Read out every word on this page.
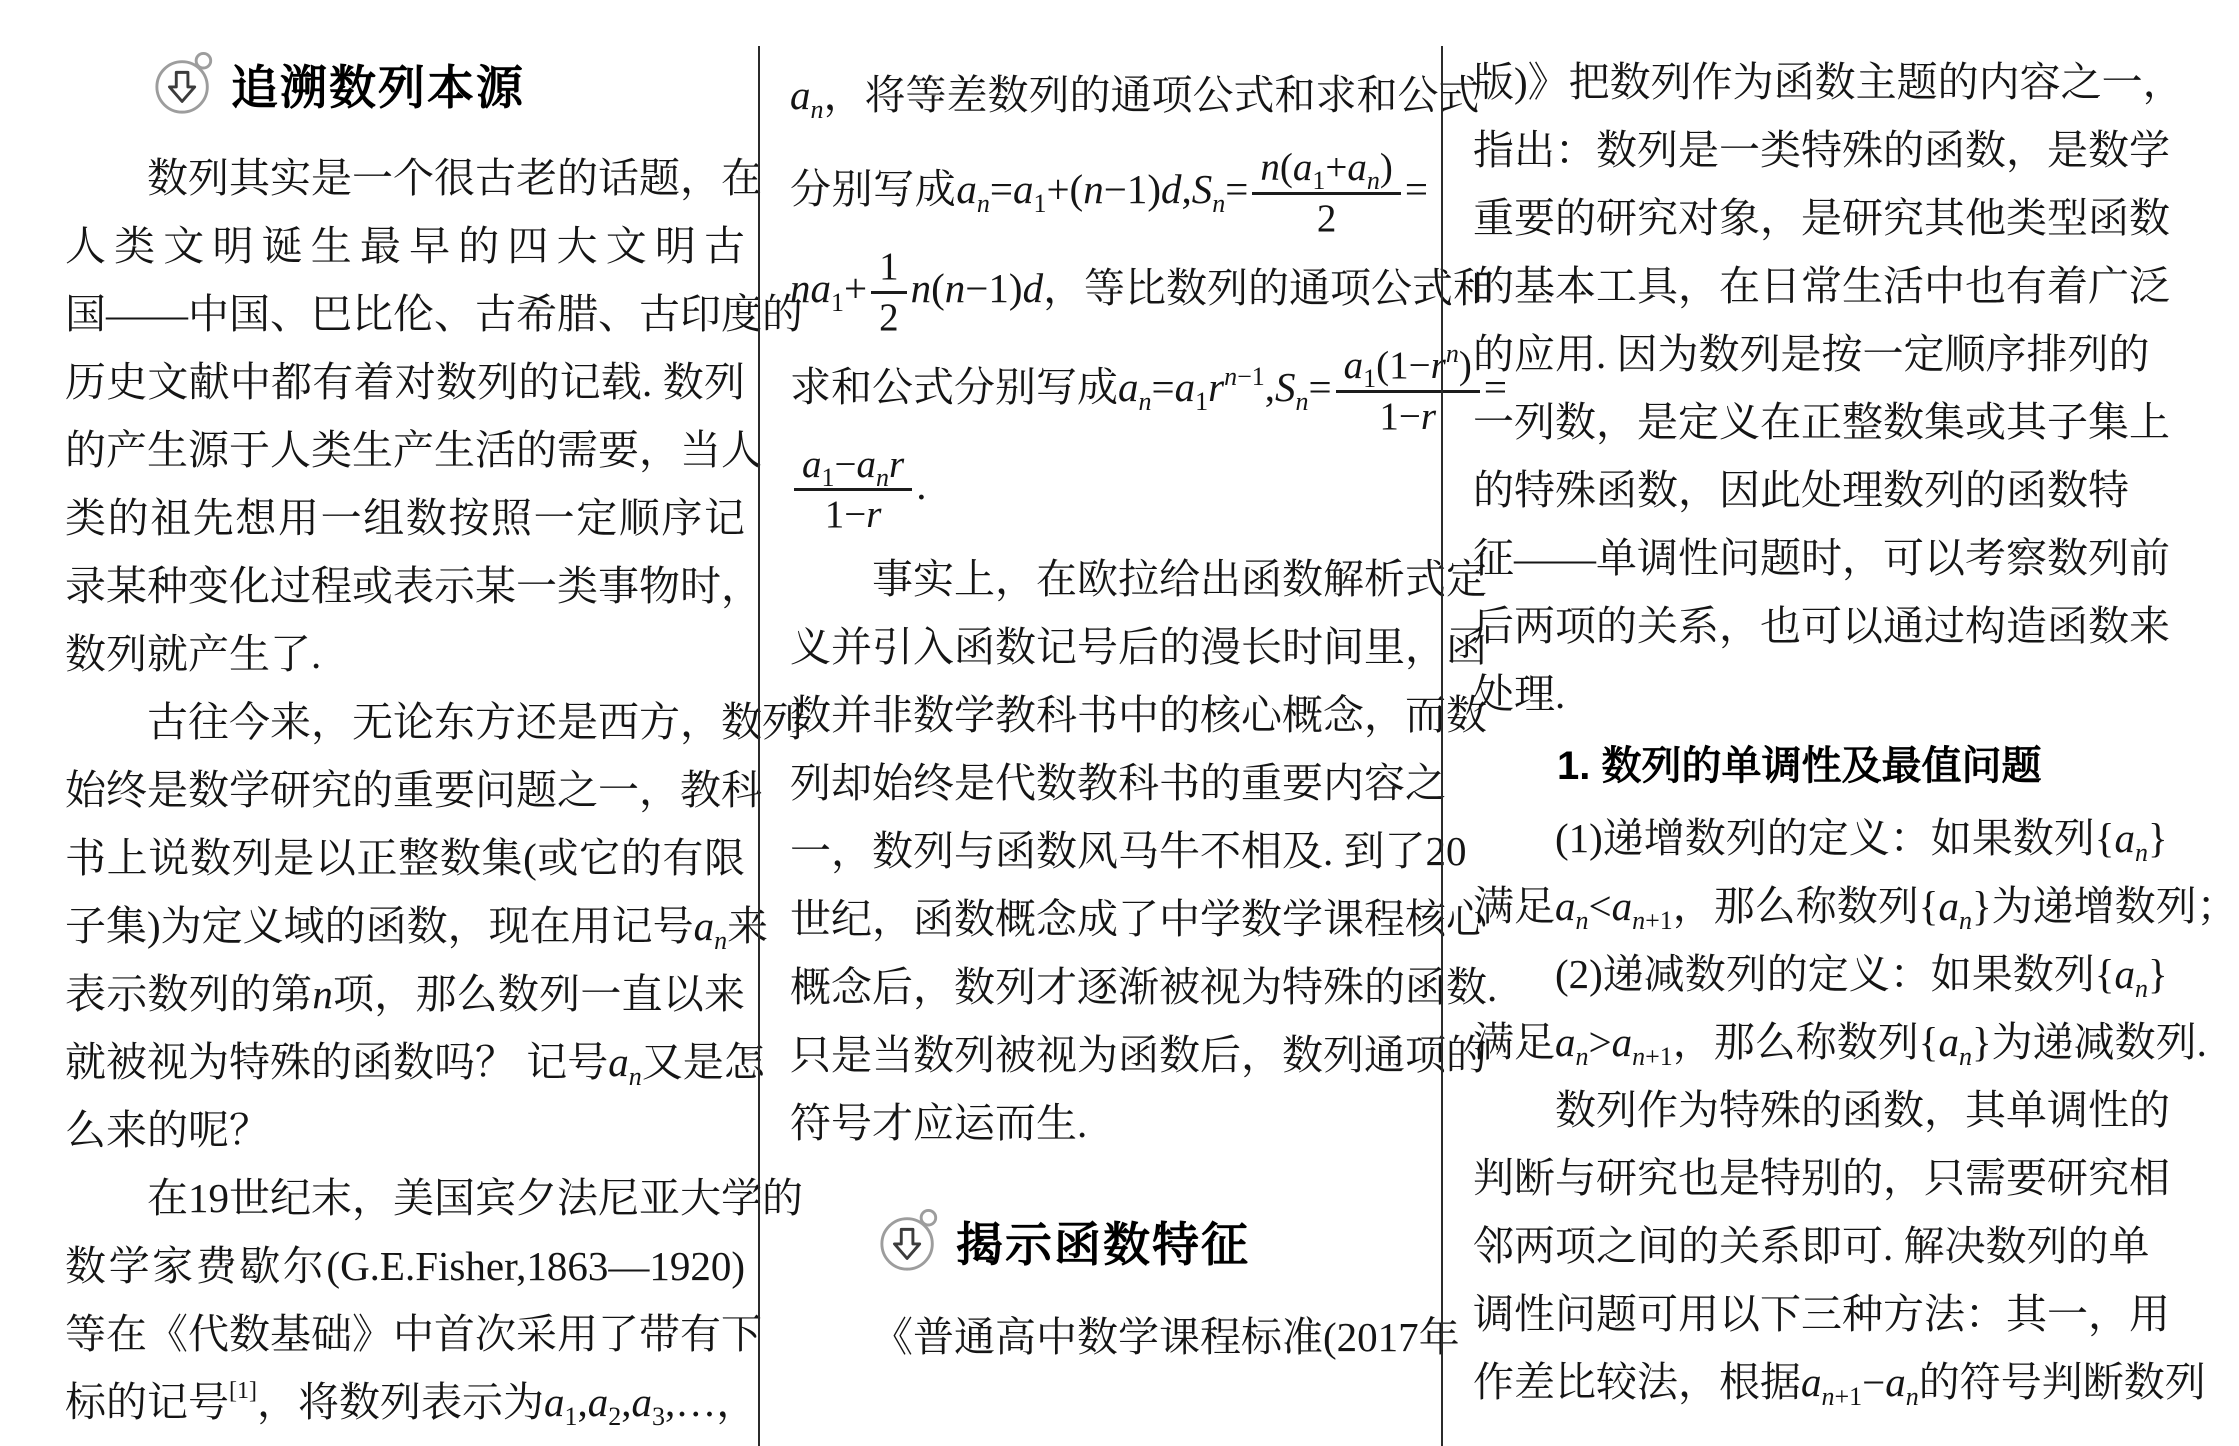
追溯数列本源
数列其实是一个很古老的话题，在
人类文明诞生最早的四大文明古
国——中国、巴比伦、古希腊、古印度的
历史文献中都有着对数列的记载. 数列
的产生源于人类生产生活的需要，当人
类的祖先想用一组数按照一定顺序记
录某种变化过程或表示某一类事物时，
数列就产生了.
古往今来，无论东方还是西方，数列
始终是数学研究的重要问题之一，教科
书上说数列是以正整数集(或它的有限
子集)为定义域的函数，现在用记号$a_n$来
表示数列的第n项，那么数列一直以来
就被视为特殊的函数吗？ 记号$a_n$又是怎
么来的呢？
在19世纪末，美国宾夕法尼亚大学的
数学家费歇尔(G.E.Fisher,1863—1920)
等在《代数基础》中首次采用了带有下
标的记号[1]，将数列表示为$a_1,a_2,a_3,\dots$，
$a_n$，将等差数列的通项公式和求和公式
分别写成$a_n=a_1+(n-1)d,S_n= \frac{n(a_1+a_n)}{2}$ =
$na_1+ \frac{1}{2} n(n-1)d$，等比数列的通项公式和
求和公式分别写成$a_n=a_1r^{n-1},S_n= \frac{a_1(1-r^n)}{1-r}$ =
$\frac{a_1-a_nr}{1-r}$ .
事实上，在欧拉给出函数解析式定
义并引入函数记号后的漫长时间里，函
数并非数学教科书中的核心概念，而数
列却始终是代数教科书的重要内容之
一，数列与函数风马牛不相及. 到了20
世纪，函数概念成了中学数学课程核心
概念后，数列才逐渐被视为特殊的函数.
只是当数列被视为函数后，数列通项的
符号才应运而生.
揭示函数特征
《普通高中数学课程标准(2017年
版)》把数列作为函数主题的内容之一，
指出：数列是一类特殊的函数，是数学
重要的研究对象，是研究其他类型函数
的基本工具，在日常生活中也有着广泛
的应用. 因为数列是按一定顺序排列的
一列数，是定义在正整数集或其子集上
的特殊函数，因此处理数列的函数特
征——单调性问题时，可以考察数列前
后两项的关系，也可以通过构造函数来
处理.
1. 数列的单调性及最值问题
(1)递增数列的定义：如果数列$\{a_n\}$
满足$a_n<a_{n+1}$，那么称数列$\{a_n\}$为递增数列；
(2)递减数列的定义：如果数列$\{a_n\}$
满足$a_n>a_{n+1}$，那么称数列$\{a_n\}$为递减数列.
数列作为特殊的函数，其单调性的
判断与研究也是特别的，只需要研究相
邻两项之间的关系即可. 解决数列的单
调性问题可用以下三种方法：其一，用
作差比较法，根据$a_{n+1}-a_n$的符号判断数列
